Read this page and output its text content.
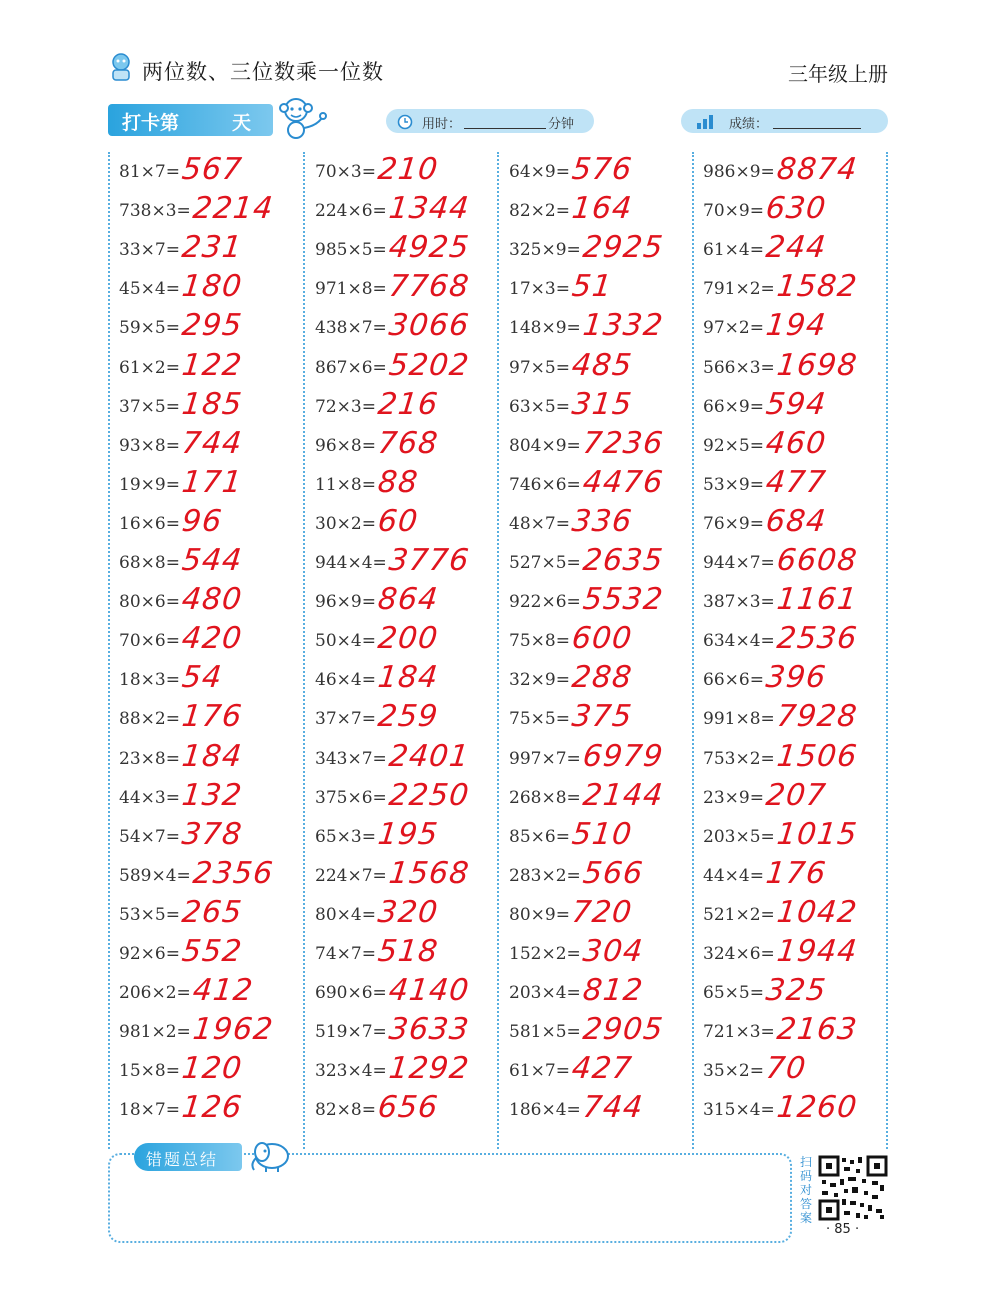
两位数、三位数乘一位数	三年级上册
打卡第	天	用时：	分钟	成绩：
81×7= 567
738×3= 2214
33×7= 231
45×4= 180
59×5= 295
61×2= 122
37×5= 185
93×8= 744
19×9= 171
16×6= 96
68×8= 544
80×6= 480
70×6= 420
18×3= 54
88×2= 176
23×8= 184
44×3= 132
54×7= 378
589×4= 2356
53×5= 265
92×6= 552
206×2= 412
981×2= 1962
15×8= 120
18×7= 126
70×3= 210
224×6= 1344
985×5= 4925
971×8= 7768
438×7= 3066
867×6= 5202
72×3= 216
96×8= 768
11×8= 88
30×2= 60
944×4= 3776
96×9= 864
50×4= 200
46×4= 184
37×7= 259
343×7= 2401
375×6= 2250
65×3= 195
224×7= 1568
80×4= 320
74×7= 518
690×6= 4140
519×7= 3633
323×4= 1292
82×8= 656
64×9= 576
82×2= 164
325×9= 2925
17×3= 51
148×9= 1332
97×5= 485
63×5= 315
804×9= 7236
746×6= 4476
48×7= 336
527×5= 2635
922×6= 5532
75×8= 600
32×9= 288
75×5= 375
997×7= 6979
268×8= 2144
85×6= 510
283×2= 566
80×9= 720
152×2= 304
203×4= 812
581×5= 2905
61×7= 427
186×4= 744
986×9= 8874
70×9= 630
61×4= 244
791×2= 1582
97×2= 194
566×3= 1698
66×9= 594
92×5= 460
53×9= 477
76×9= 684
944×7= 6608
387×3= 1161
634×4= 2536
66×6= 396
991×8= 7928
753×2= 1506
23×9= 207
203×5= 1015
44×4= 176
521×2= 1042
324×6= 1944
65×5= 325
721×3= 2163
35×2= 70
315×4= 1260
错题总结	扫码对答案
· 85 ·
